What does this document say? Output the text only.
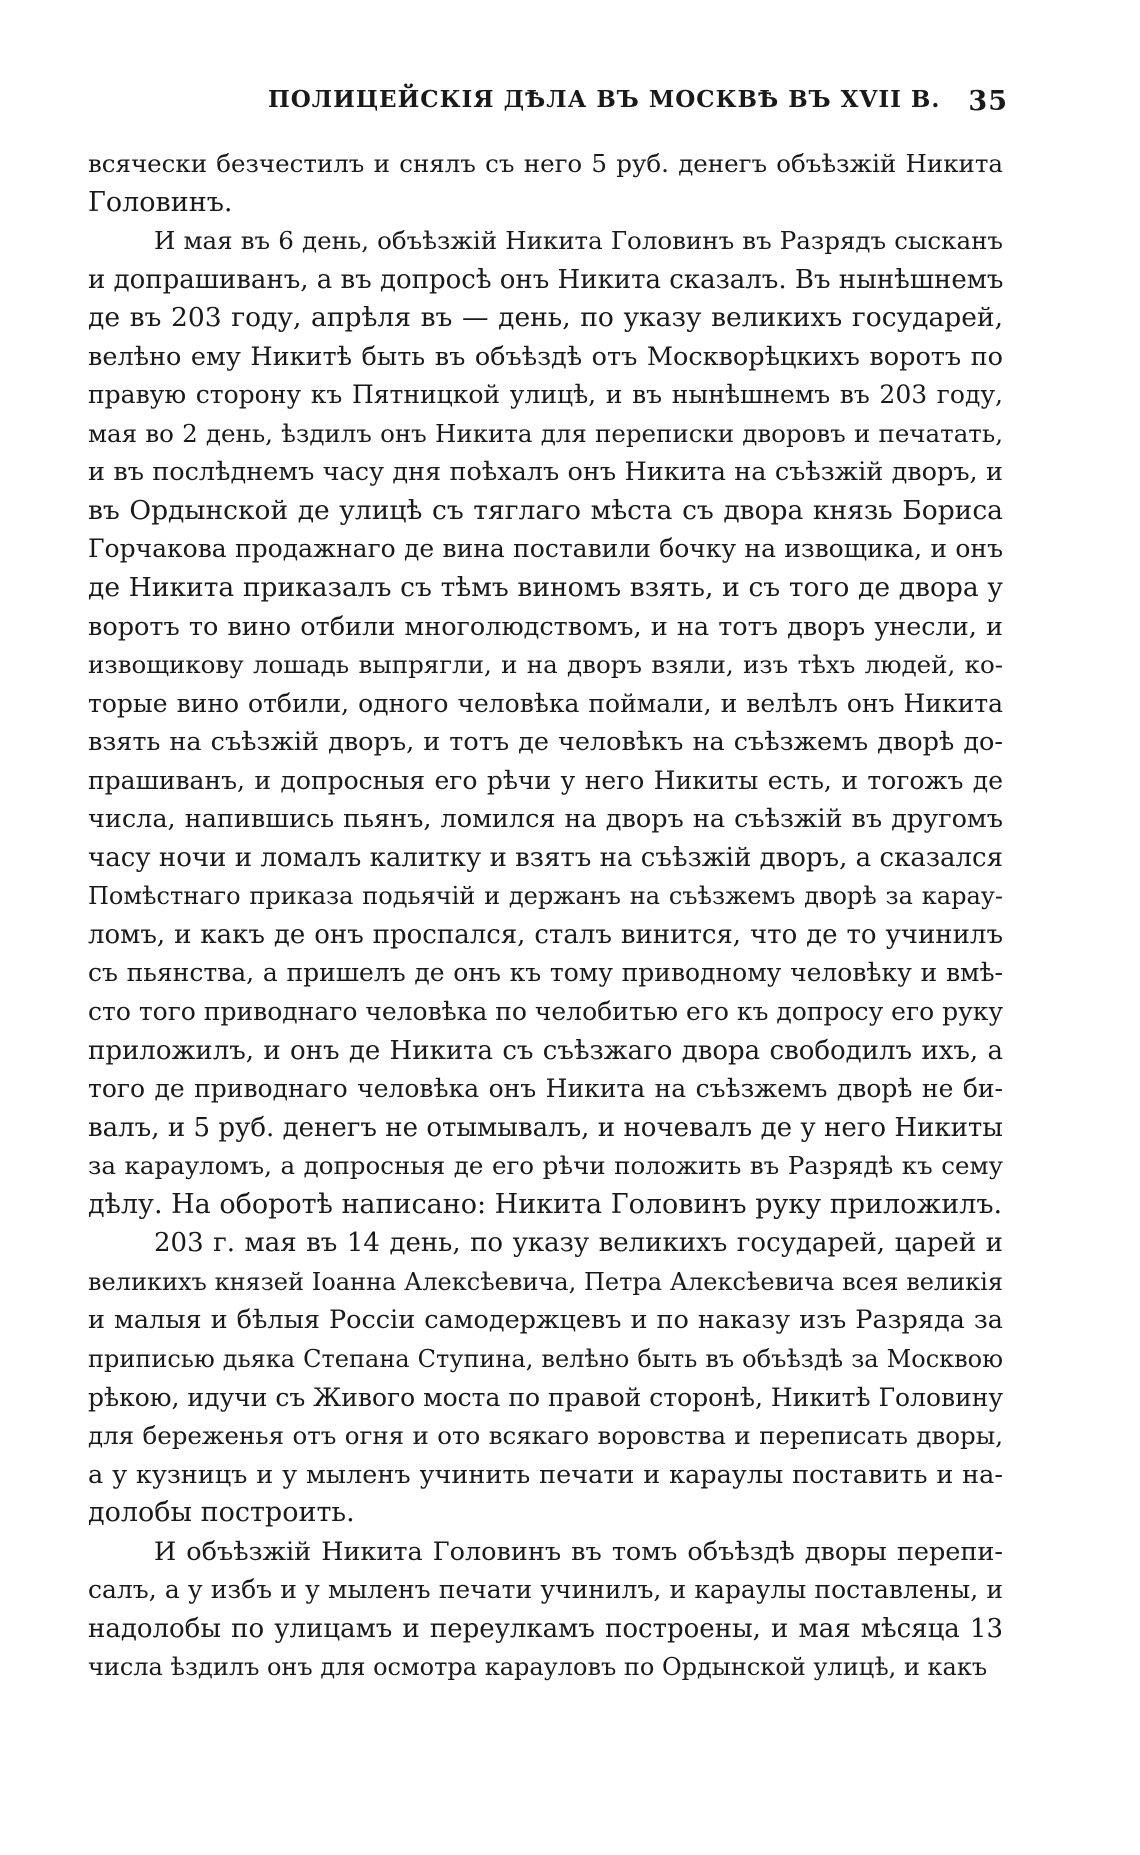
ПОЛИЦЕЙСКІЯ ДѢЛА ВЪ МОСКВѢ ВЪ XVII В. 35
всячески безчестилъ и снялъ съ него 5 руб. денегъ объѣзжій Никита
Головинъ.
И мая въ 6 день, объѣзжій Никита Головинъ въ Разрядъ сысканъ
и допрашиванъ, а въ допросѣ онъ Никита сказалъ. Въ нынѣшнемъ
де въ 203 году, апрѣля въ — день, по указу великихъ государей,
велѣно ему Никитѣ быть въ объѣздѣ отъ Москворѣцкихъ воротъ по
правую сторону къ Пятницкой улицѣ, и въ нынѣшнемъ въ 203 году,
мая во 2 день, ѣздилъ онъ Никита для переписки дворовъ и печатать,
и въ послѣднемъ часу дня поѣхалъ онъ Никита на съѣзжій дворъ, и
въ Ордынской де улицѣ съ тяглаго мѣста съ двора князь Бориса
Горчакова продажнаго де вина поставили бочку на извощика, и онъ
де Никита приказалъ съ тѣмъ виномъ взять, и съ того де двора у
воротъ то вино отбили многолюдствомъ, и на тотъ дворъ унесли, и
извощикову лошадь выпрягли, и на дворъ взяли, изъ тѣхъ людей, ко-
торые вино отбили, одного человѣка поймали, и велѣлъ онъ Никита
взять на съѣзжій дворъ, и тотъ де человѣкъ на съѣзжемъ дворѣ до-
прашиванъ, и допросныя его рѣчи у него Никиты есть, и тогожъ де
числа, напившись пьянъ, ломился на дворъ на съѣзжій въ другомъ
часу ночи и ломалъ калитку и взятъ на съѣзжій дворъ, а сказался
Помѣстнаго приказа подьячій и держанъ на съѣзжемъ дворѣ за карау-
ломъ, и какъ де онъ проспался, сталъ винится, что де то учинилъ
съ пьянства, а пришелъ де онъ къ тому приводному человѣку и вмѣ-
сто того приводнаго человѣка по челобитью его къ допросу его руку
приложилъ, и онъ де Никита съ съѣзжаго двора свободилъ ихъ, а
того де приводнаго человѣка онъ Никита на съѣзжемъ дворѣ не би-
валъ, и 5 руб. денегъ не отымывалъ, и ночевалъ де у него Никиты
за карауломъ, а допросныя де его рѣчи положить въ Разрядѣ къ сему
дѣлу. На оборотѣ написано: Никита Головинъ руку приложилъ.
203 г. мая въ 14 день, по указу великихъ государей, царей и
великихъ князей Іоанна Алексѣевича, Петра Алексѣевича всея великія
и малыя и бѣлыя Россіи самодержцевъ и по наказу изъ Разряда за
приписью дьяка Степана Ступина, велѣно быть въ объѣздѣ за Москвою
рѣкою, идучи съ Живого моста по правой сторонѣ, Никитѣ Головину
для береженья отъ огня и ото всякаго воровства и переписать дворы,
а у кузницъ и у мыленъ учинить печати и караулы поставить и на-
долобы построить.
И объѣзжій Никита Головинъ въ томъ объѣздѣ дворы перепи-
салъ, а у избъ и у мыленъ печати учинилъ, и караулы поставлены, и
надолобы по улицамъ и переулкамъ построены, и мая мѣсяца 13
числа ѣздилъ онъ для осмотра карауловъ по Ордынской улицѣ, и какъ
